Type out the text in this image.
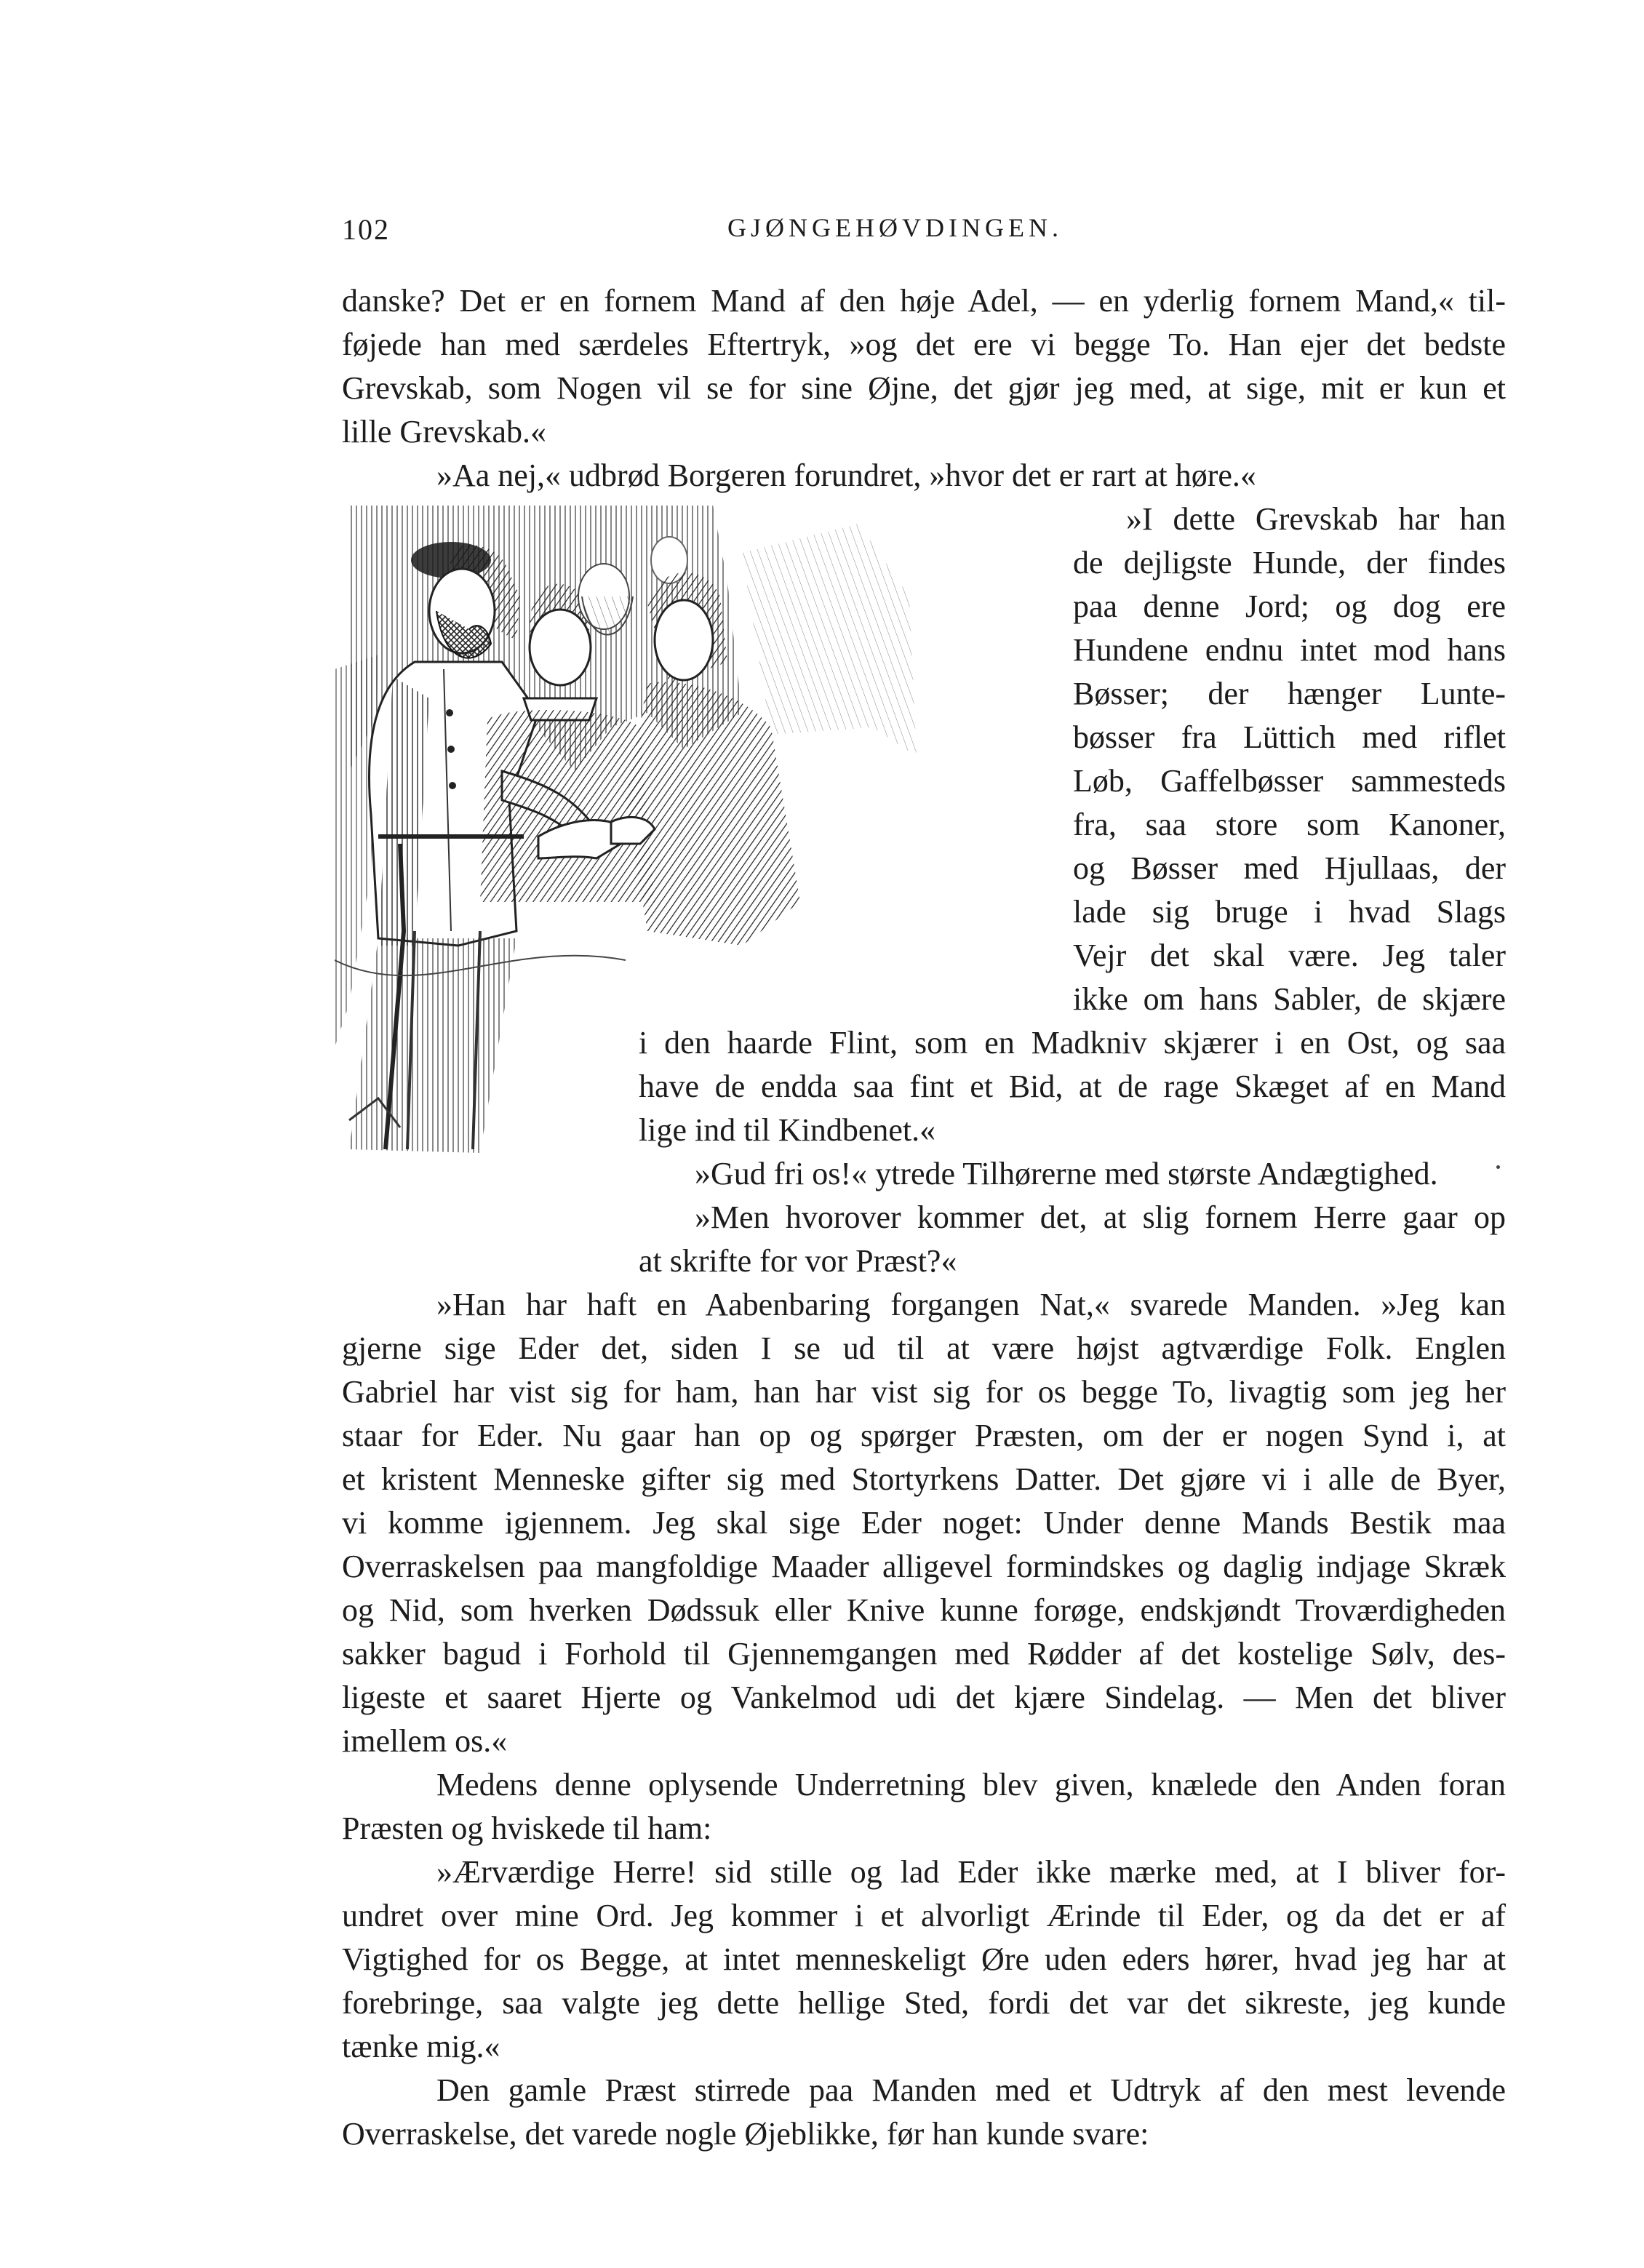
102	GJØNGEHØVDINGEN.
danske? Det er en fornem Mand af den høje Adel, — en yderlig fornem Mand,« til-
føjede han med særdeles Eftertryk, »og det ere vi begge To. Han ejer det bedste
Grevskab, som Nogen vil se for sine Øjne, det gjør jeg med, at sige, mit er kun et
lille Grevskab.«
»Aa nej,« udbrød Borgeren forundret, »hvor det er rart at høre.«
»I dette Grevskab har han
de dejligste Hunde, der findes
paa denne Jord; og dog ere
Hundene endnu intet mod hans
Bøsser; der hænger Lunte-
bøsser fra Lüttich med riflet
Løb, Gaffelbøsser sammesteds
fra, saa store som Kanoner,
og Bøsser med Hjullaas, der
lade sig bruge i hvad Slags
Vejr det skal være. Jeg taler
ikke om hans Sabler, de skjære
i den haarde Flint, som en Madkniv skjærer i en Ost, og saa
have de endda saa fint et Bid, at de rage Skæget af en Mand
lige ind til Kindbenet.«
»Gud fri os!« ytrede Tilhørerne med største Andægtighed.
»Men hvorover kommer det, at slig fornem Herre gaar op
at skrifte for vor Præst?«
»Han har haft en Aabenbaring forgangen Nat,« svarede Manden. »Jeg kan
gjerne sige Eder det, siden I se ud til at være højst agtværdige Folk. Englen
Gabriel har vist sig for ham, han har vist sig for os begge To, livagtig som jeg her
staar for Eder. Nu gaar han op og spørger Præsten, om der er nogen Synd i, at
et kristent Menneske gifter sig med Stortyrkens Datter. Det gjøre vi i alle de Byer,
vi komme igjennem. Jeg skal sige Eder noget: Under denne Mands Bestik maa
Overraskelsen paa mangfoldige Maader alligevel formindskes og daglig indjage Skræk
og Nid, som hverken Dødssuk eller Knive kunne forøge, endskjøndt Troværdigheden
sakker bagud i Forhold til Gjennemgangen med Rødder af det kostelige Sølv, des-
ligeste et saaret Hjerte og Vankelmod udi det kjære Sindelag. — Men det bliver
imellem os.«
Medens denne oplysende Underretning blev given, knælede den Anden foran
Præsten og hviskede til ham:
»Ærværdige Herre! sid stille og lad Eder ikke mærke med, at I bliver for-
undret over mine Ord. Jeg kommer i et alvorligt Ærinde til Eder, og da det er af
Vigtighed for os Begge, at intet menneskeligt Øre uden eders hører, hvad jeg har at
forebringe, saa valgte jeg dette hellige Sted, fordi det var det sikreste, jeg kunde
tænke mig.«
Den gamle Præst stirrede paa Manden med et Udtryk af den mest levende
Overraskelse, det varede nogle Øjeblikke, før han kunde svare:
